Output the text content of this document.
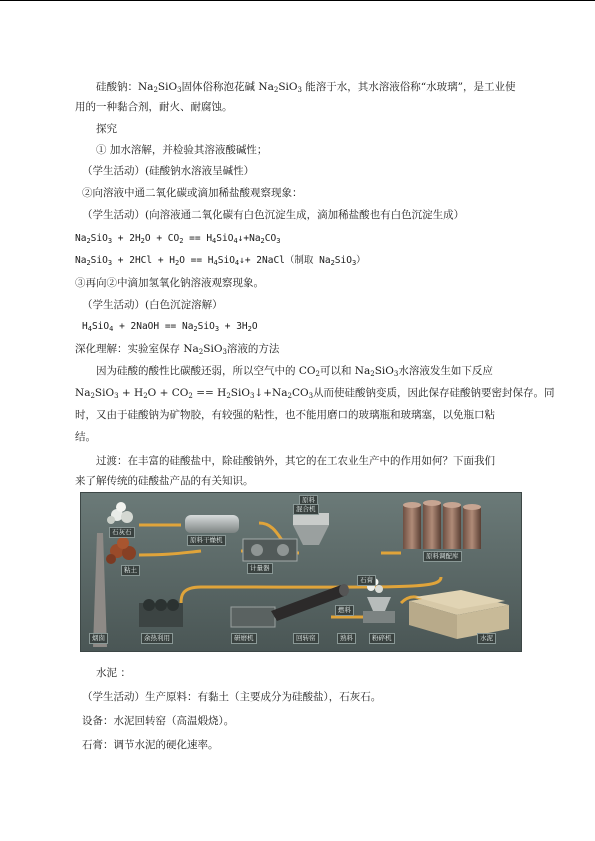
硅酸钠：$Na_2SiO_3$固体俗称泡花碱 $Na_2SiO_3$ 能溶于水，其水溶液俗称“水玻璃”，是工业使
用的一种黏合剂，耐火、耐腐蚀。
探究
① 加水溶解，并检验其溶液酸碱性；
（学生活动）(硅酸钠水溶液呈碱性）
②向溶液中通二氧化碳或滴加稀盐酸观察现象：
（学生活动）(向溶液通二氧化碳有白色沉淀生成，滴加稀盐酸也有白色沉淀生成）
$Na_2SiO_3 + 2H_2O + CO_2$ == $H_4SiO_4↓+Na_2CO_3$
$Na_2SiO_3 + 2HCl + H_2O$ == $H_4SiO_4↓+$ 2NaCl（制取 $Na_2SiO_3$）
③再向②中滴加氢氧化钠溶液观察现象。
（学生活动）(白色沉淀溶解）
$H_4SiO_4$ + 2NaOH == $Na_2SiO_3 + 3H_2O$
深化理解：实验室保存 $Na_2SiO_3$溶液的方法
因为硅酸的酸性比碳酸还弱，所以空气中的 $CO_2$可以和 $Na_2SiO_3$水溶液发生如下反应
$Na_2SiO_3 + H_2O + CO_2$ == $H_2SiO_3↓+Na_2CO_3$从而使硅酸钠变质，因此保存硅酸钠要密封保存。同
时，又由于硅酸钠为矿物胶，有较强的粘性，也不能用磨口的玻璃瓶和玻璃塞，以免瓶口粘
结。
过渡：在丰富的硅酸盐中，除硅酸钠外，其它的在工农业生产中的作用如何？下面我们
来了解传统的硅酸盐产品的有关知识。
石灰石
原料干燥机
原料
混合机
粘土	计量器
原料调配库
石膏
烟囱	余热利用	研磨机	回转窑
燃料
熟料	粉碎机	水泥
水泥 ：
（学生活动）生产原料：有黏土（主要成分为硅酸盐），石灰石。
设备：水泥回转窑（高温煅烧）。
石膏：调节水泥的硬化速率。
